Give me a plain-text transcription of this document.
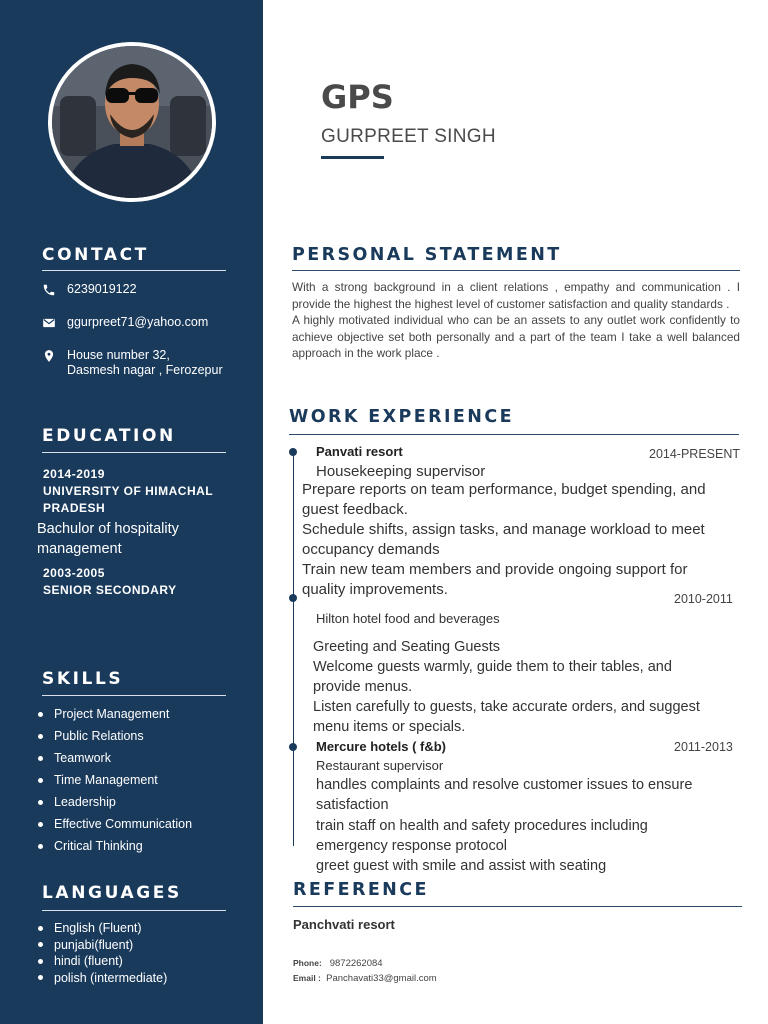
CONTACT
6239019122
ggurpreet71@yahoo.com
House number 32,
Dasmesh nagar , Ferozepur
EDUCATION
2014-2019
UNIVERSITY OF HIMACHAL
PRADESH
Bachulor of hospitality management
2003-2005
SENIOR SECONDARY
SKILLS
Project Management
Public Relations
Teamwork
Time Management
Leadership
Effective Communication
Critical Thinking
LANGUAGES
English (Fluent)
punjabi(fluent)
hindi (fluent)
polish (intermediate)
GPS
GURPREET SINGH
PERSONAL STATEMENT

With a strong background in a client relations , empathy and communication . I provide the highest the highest level of customer satisfaction and quality standards .

A highly motivated individual who can be an assets to any outlet work confidently to achieve objective set both personally and a part of the team I take a well balanced approach in the work place .

WORK EXPERIENCE
Panvati resort	2014-PRESENT
Housekeeping supervisor
Prepare reports on team performance, budget spending, and
guest feedback.
Schedule shifts, assign tasks, and manage workload to meet
occupancy demands
Train new team members and provide ongoing support for
quality improvements.
2010-2011
Hilton hotel food and beverages
Greeting and Seating Guests
Welcome guests warmly, guide them to their tables, and
provide menus.
Listen carefully to guests, take accurate orders, and suggest
menu items or specials.
Mercure hotels ( f&b)	2011-2013
Restaurant supervisor
handles complaints and resolve customer issues to ensure
satisfaction
train staff on health and safety procedures including
emergency response protocol
greet guest with smile and assist with seating
REFERENCE
Panchvati resort
Phone: 9872262084
Email : Panchavati33@gmail.com
